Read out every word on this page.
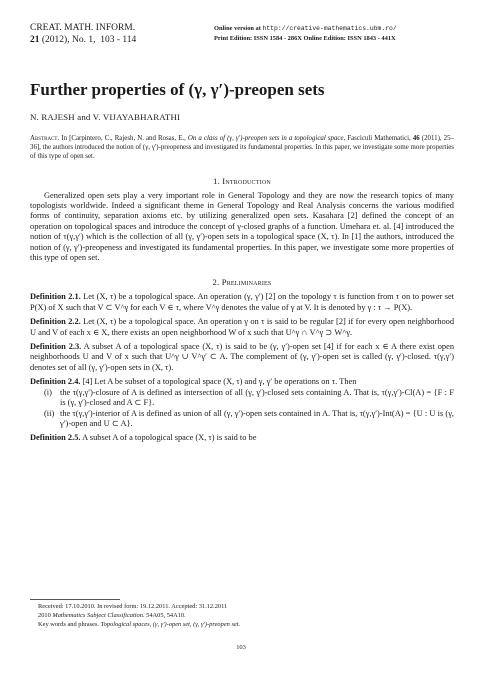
CREAT. MATH. INFORM.
21 (2012), No. 1, 103 - 114
Online version at http://creative-mathematics.ubm.ro/
Print Edition: ISSN 1584 - 286X Online Edition: ISSN 1843 - 441X
Further properties of (γ, γ′)-preopen sets
N. RAJESH and V. VIJAYABHARATHI
Abstract. In [Carpintero, C., Rajesh, N. and Rosas, E., On a class of (γ, γ′)-preopen sets in a topological space, Fasciculi Mathematici, 46 (2011), 25–36], the authors introduced the notion of (γ, γ′)-preopeness and investigated its fundamental properties. In this paper, we investigate some more properties of this type of open set.
1. Introduction

Generalized open sets play a very important role in General Topology and they are now the research topics of many topologists worldwide. Indeed a significant theme in General Topology and Real Analysis concerns the various modified forms of continuity, separation axioms etc. by utilizing generalized open sets. Kasahara [2] defined the concept of an operation on topological spaces and introduce the concept of γ-closed graphs of a function. Umehara et. al. [4] introduced the notion of τ(γ,γ′) which is the collection of all (γ, γ′)-open sets in a topological space (X, τ). In [1] the authors, introduced the notion of (γ, γ′)-preopeness and investigated its fundamental properties. In this paper, we investigate some more properties of this type of open set.

2. Preliminaries

Definition 2.1. Let (X, τ) be a topological space. An operation (γ, γ′) [2] on the topology τ is function from τ on to power set P(X) of X such that V ⊂ V^γ for each V ∈ τ, where V^γ denotes the value of γ at V. It is denoted by γ : τ → P(X).

Definition 2.2. Let (X, τ) be a topological space. An operation γ on τ is said to be regular [2] if for every open neighborhood U and V of each x ∈ X, there exists an open neighborhood W of x such that U^γ ∩ V^γ ⊃ W^γ.

Definition 2.3. A subset A of a topological space (X, τ) is said to be (γ, γ′)-open set [4] if for each x ∈ A there exist open neighborhoods U and V of x such that U^γ ∪ V^γ′ ⊂ A. The complement of (γ, γ′)-open set is called (γ, γ′)-closed. τ(γ,γ′) denotes set of all (γ, γ′)-open sets in (X, τ).

Definition 2.4. [4] Let A be subset of a topological space (X, τ) and γ, γ′ be operations on τ. Then

(i) the τ(γ,γ′)-closure of A is defined as intersection of all (γ, γ′)-closed sets containing A. That is, τ(γ,γ′)-Cl(A) = {F : F is (γ, γ′)-closed and A ⊂ F}.
(ii) the τ(γ,γ′)-interior of A is defined as union of all (γ, γ′)-open sets contained in A. That is, τ(γ,γ′)-Int(A) = {U : U is (γ, γ′)-open and U ⊂ A}.

Definition 2.5. A subset A of a topological space (X, τ) is said to be

Received: 17.10.2010. In revised form: 19.12.2011. Accepted: 31.12.2011
2010 Mathematics Subject Classification. 54A05, 54A10.
Key words and phrases. Topological spaces, (γ, γ′)-open set, (γ, γ′)-preopen set.
103
